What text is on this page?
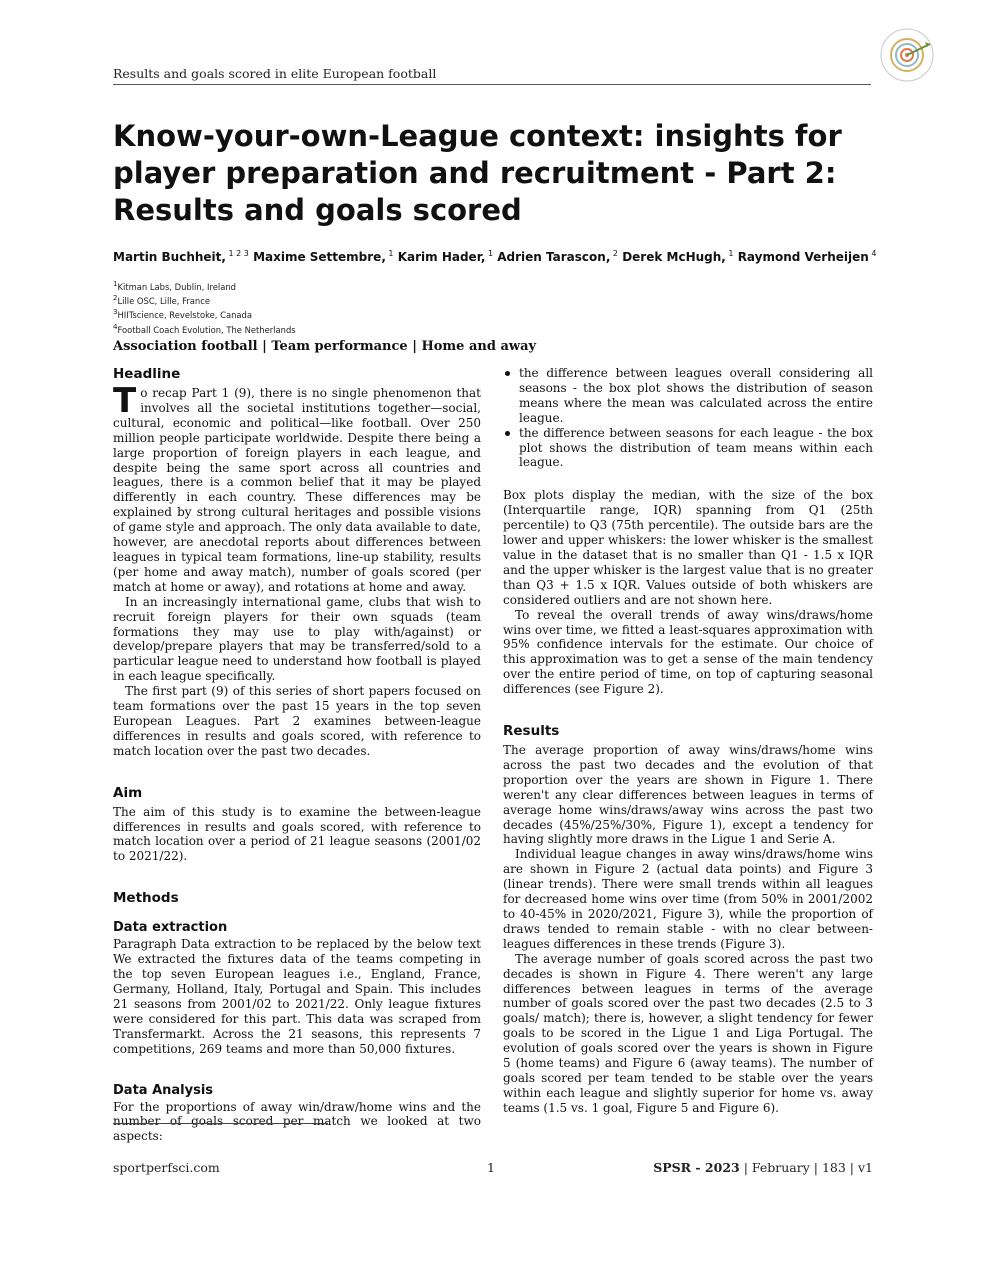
Results and goals scored in elite European football
Know-your-own-League context: insights for
player preparation and recruitment - Part 2:
Results and goals scored
Martin Buchheit, $^{1 2 3}$ Maxime Settembre, $^1$ Karim Hader, $^1$ Adrien Tarascon, $^2$ Derek McHugh, $^1$ Raymond Verheijen $^4$
$^1$Kitman Labs, Dublin, Ireland
$^2$Lille OSC, Lille, France
$^3$HIITscience, Revelstoke, Canada
$^4$Football Coach Evolution, The Netherlands
Association football | Team performance | Home and away
Headline
To recap Part 1 (9), there is no single phenomenon that involves all the societal institutions together—social, cultural, economic and political—like football. Over 250 million people participate worldwide. Despite there being a large proportion of foreign players in each league, and despite being the same sport across all countries and leagues, there is a common belief that it may be played differently in each country. These differences may be explained by strong cultural heritages and possible visions of game style and approach. The only data available to date, however, are anecdotal reports about differences between leagues in typical team formations, line-up stability, results (per home and away match), number of goals scored (per match at home or away), and rotations at home and away.

In an increasingly international game, clubs that wish to recruit foreign players for their own squads (team formations they may use to play with/against) or develop/prepare players that may be transferred/sold to a particular league need to understand how football is played in each league specifically.

The first part (9) of this series of short papers focused on team formations over the past 15 years in the top seven European Leagues. Part 2 examines between-league differences in results and goals scored, with reference to match location over the past two decades.

Aim

The aim of this study is to examine the between-league differences in results and goals scored, with reference to match location over a period of 21 league seasons (2001/02 to 2021/22).

Methods
Data extraction

Paragraph Data extraction to be replaced by the below text We extracted the fixtures data of the teams competing in the top seven European leagues i.e., England, France, Germany, Holland, Italy, Portugal and Spain. This includes 21 seasons from 2001/02 to 2021/22. Only league fixtures were considered for this part. This data was scraped from Transfermarkt. Across the 21 seasons, this represents 7 competitions, 269 teams and more than 50,000 fixtures.

Data Analysis

For the proportions of away win/draw/home wins and the number of goals scored per match we looked at two aspects:

the difference between leagues overall considering all seasons - the box plot shows the distribution of season means where the mean was calculated across the entire league.
the difference between seasons for each league - the box plot shows the distribution of team means within each league.

Box plots display the median, with the size of the box (Interquartile range, IQR) spanning from Q1 (25th percentile) to Q3 (75th percentile). The outside bars are the lower and upper whiskers: the lower whisker is the smallest value in the dataset that is no smaller than Q1 - 1.5 x IQR and the upper whisker is the largest value that is no greater than Q3 + 1.5 x IQR. Values outside of both whiskers are considered outliers and are not shown here.

To reveal the overall trends of away wins/draws/home wins over time, we fitted a least-squares approximation with 95% confidence intervals for the estimate. Our choice of this approximation was to get a sense of the main tendency over the entire period of time, on top of capturing seasonal differences (see Figure 2).

Results

The average proportion of away wins/draws/home wins across the past two decades and the evolution of that proportion over the years are shown in Figure 1. There weren't any clear differences between leagues in terms of average home wins/draws/away wins across the past two decades (45%/25%/30%, Figure 1), except a tendency for having slightly more draws in the Ligue 1 and Serie A.

Individual league changes in away wins/draws/home wins are shown in Figure 2 (actual data points) and Figure 3 (linear trends). There were small trends within all leagues for decreased home wins over time (from 50% in 2001/2002 to 40-45% in 2020/2021, Figure 3), while the proportion of draws tended to remain stable - with no clear between-leagues differences in these trends (Figure 3).

The average number of goals scored across the past two decades is shown in Figure 4. There weren't any large differences between leagues in terms of the average number of goals scored over the past two decades (2.5 to 3 goals/ match); there is, however, a slight tendency for fewer goals to be scored in the Ligue 1 and Liga Portugal. The evolution of goals scored over the years is shown in Figure 5 (home teams) and Figure 6 (away teams). The number of goals scored per team tended to be stable over the years within each league and slightly superior for home vs. away teams (1.5 vs. 1 goal, Figure 5 and Figure 6).

sportperfsci.com	1	SPSR - 2023 | February | 183 | v1
